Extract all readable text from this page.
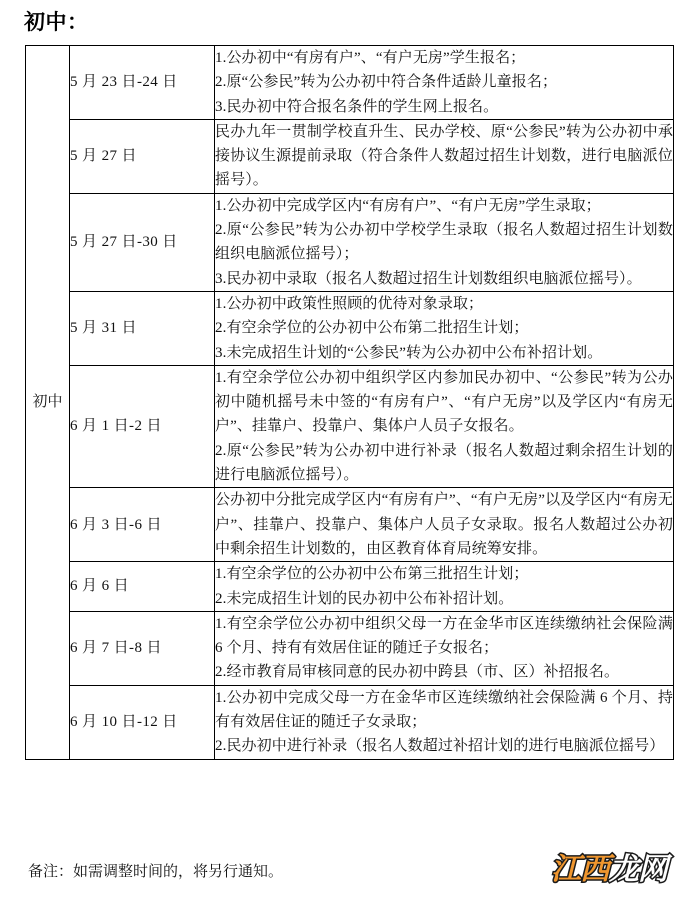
初中：
初中	5 月 23 日-24 日	1.公办初中“有房有户”、“有户无房”学生报名；
2.原“公参民”转为公办初中符合条件适龄儿童报名；
3.民办初中符合报名条件的学生网上报名。

	5 月 27 日	民办九年一贯制学校直升生、民办学校、原“公参民”转为公办初中承接协议生源提前录取（符合条件人数超过招生计划数，进行电脑派位摇号）。

	5 月 27 日-30 日	1.公办初中完成学区内“有房有户”、“有户无房”学生录取；
2.原“公参民”转为公办初中学校学生录取（报名人数超过招生计划数组织电脑派位摇号）；
3.民办初中录取（报名人数超过招生计划数组织电脑派位摇号）。

	5 月 31 日	1.公办初中政策性照顾的优待对象录取；
2.有空余学位的公办初中公布第二批招生计划；
3.未完成招生计划的“公参民”转为公办初中公布补招计划。

	6 月 1 日-2 日	1.有空余学位公办初中组织学区内参加民办初中、“公参民”转为公办初中随机摇号未中签的“有房有户”、“有户无房”以及学区内“有房无户”、挂靠户、投靠户、集体户人员子女报名。
2.原“公参民”转为公办初中进行补录（报名人数超过剩余招生计划的进行电脑派位摇号）。

	6 月 3 日-6 日	公办初中分批完成学区内“有房有户”、“有户无房”以及学区内“有房无户”、挂靠户、投靠户、集体户人员子女录取。报名人数超过公办初中剩余招生计划数的，由区教育体育局统筹安排。

	6 月 6 日	1.有空余学位的公办初中公布第三批招生计划；
2.未完成招生计划的民办初中公布补招计划。

	6 月 7 日-8 日	1.有空余学位公办初中组织父母一方在金华市区连续缴纳社会保险满 6 个月、持有有效居住证的随迁子女报名；
2.经市教育局审核同意的民办初中跨县（市、区）补招报名。

	6 月 10 日-12 日	1.公办初中完成父母一方在金华市区连续缴纳社会保险满 6 个月、持有有效居住证的随迁子女录取；
2.民办初中进行补录（报名人数超过补招计划的进行电脑派位摇号）
备注：如需调整时间的，将另行通知。	江西龙网
